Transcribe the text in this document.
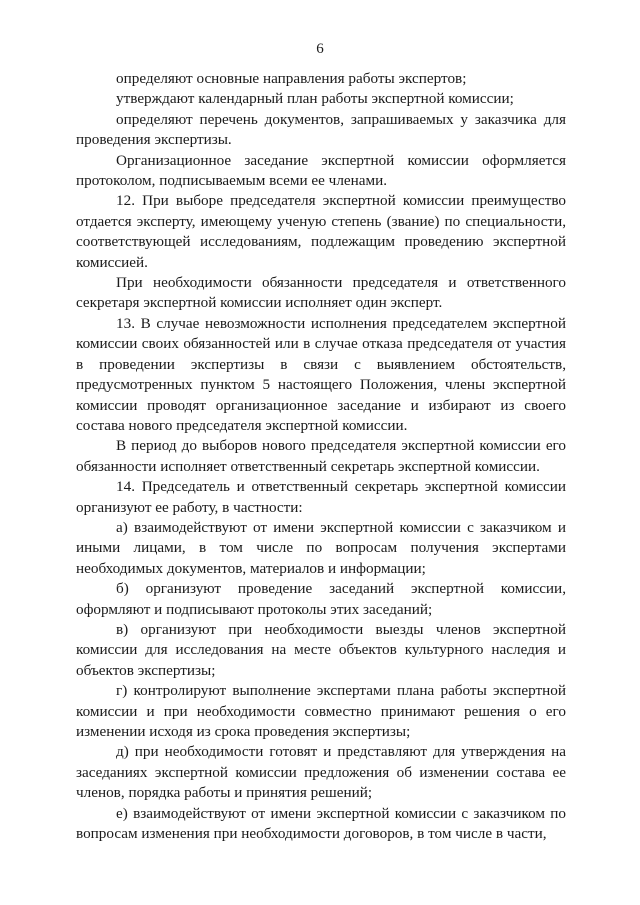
6

определяют основные направления работы экспертов;

утверждают календарный план работы экспертной комиссии;

определяют перечень документов, запрашиваемых у заказчика для проведения экспертизы.

Организационное заседание экспертной комиссии оформляется протоколом, подписываемым всеми ее членами.

12. При выборе председателя экспертной комиссии преимущество отдается эксперту, имеющему ученую степень (звание) по специальности, соответствующей исследованиям, подлежащим проведению экспертной комиссией.

При необходимости обязанности председателя и ответственного секретаря экспертной комиссии исполняет один эксперт.

13. В случае невозможности исполнения председателем экспертной комиссии своих обязанностей или в случае отказа председателя от участия в проведении экспертизы в связи с выявлением обстоятельств, предусмотренных пунктом 5 настоящего Положения, члены экспертной комиссии проводят организационное заседание и избирают из своего состава нового председателя экспертной комиссии.

В период до выборов нового председателя экспертной комиссии его обязанности исполняет ответственный секретарь экспертной комиссии.

14. Председатель и ответственный секретарь экспертной комиссии организуют ее работу, в частности:

а) взаимодействуют от имени экспертной комиссии с заказчиком и иными лицами, в том числе по вопросам получения экспертами необходимых документов, материалов и информации;

б) организуют проведение заседаний экспертной комиссии, оформляют и подписывают протоколы этих заседаний;

в) организуют при необходимости выезды членов экспертной комиссии для исследования на месте объектов культурного наследия и объектов экспертизы;

г) контролируют выполнение экспертами плана работы экспертной комиссии и при необходимости совместно принимают решения о его изменении исходя из срока проведения экспертизы;

д) при необходимости готовят и представляют для утверждения на заседаниях экспертной комиссии предложения об изменении состава ее членов, порядка работы и принятия решений;

е) взаимодействуют от имени экспертной комиссии с заказчиком по вопросам изменения при необходимости договоров, в том числе в части,
